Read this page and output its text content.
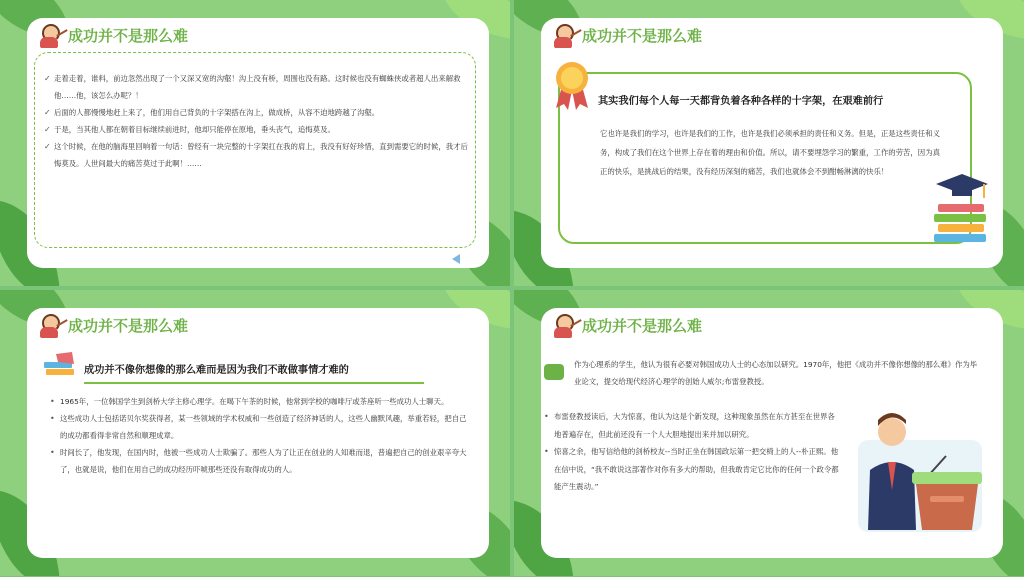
成功并不是那么难
✓ 走着走着，谁料，前边忽然出现了一个又深又宽的沟壑！沟上没有桥，周围也没有路。这时候也没有蜘蛛侠或者超人出来解救他……他，该怎么办呢？！
✓ 后面的人都慢慢地赶上来了，他们用自己背负的十字架搭在沟上，做成桥，从容不迫地跨越了沟壑。
✓ 于是，当其他人都在朝着目标继续前进时，他却只能停在原地，垂头丧气，追悔莫及。
✓ 这个时候，在他的脑海里回响着一句话：曾经有一块完整的十字架扛在我的肩上，我没有好好珍惜，直到需要它的时候，我才后悔莫及。人世间最大的痛苦莫过于此啊！……
成功并不是那么难
其实我们每个人每一天都背负着各种各样的十字架，在艰难前行
它也许是我们的学习，也许是我们的工作，也许是我们必须承担的责任和义务。但是，正是这些责任和义务，构成了我们在这个世界上存在着的理由和价值。所以，请不要埋怨学习的繁重，工作的劳苦，因为真正的快乐，是挑战后的结果，没有经历深刻的痛苦，我们也就体会不到酣畅淋漓的快乐！
成功并不是那么难
成功并不像你想像的那么难而是因为我们不敢做事情才难的
• 1965年，一位韩国学生到剑桥大学主修心理学。在喝下午茶的时候，他常到学校的咖啡厅或茶座听一些成功人士聊天。
• 这些成功人士包括诺贝尔奖获得者，某一些领域的学术权威和一些创造了经济神话的人，这些人幽默风趣，举重若轻，把自己的成功都看得非常自然和顺理成章。
• 时间长了，他发现，在国内时，他被一些成功人士欺骗了。那些人为了让正在创业的人知难而退，普遍把自己的创业艰辛夸大了，也就是说，他们在用自己的成功经历吓唬那些还没有取得成功的人。
成功并不是那么难
作为心理系的学生，他认为很有必要对韩国成功人士的心态加以研究。1970年，他把《成功并不像你想像的那么难》作为毕业论文，提交给现代经济心理学的创始人威尔;布雷登教授。
• 布雷登教授读后，大为惊喜，他认为这是个新发现，这种现象虽然在东方甚至在世界各地普遍存在，但此前还没有一个人大胆地提出来并加以研究。
• 惊喜之余，他写信给他的剑桥校友--当时正坐在韩国政坛第一把交椅上的人--朴正熙。他在信中说，“我不敢说这部著作对你有多大的帮助，但我敢肯定它比你的任何一个政令都能产生震动。”
